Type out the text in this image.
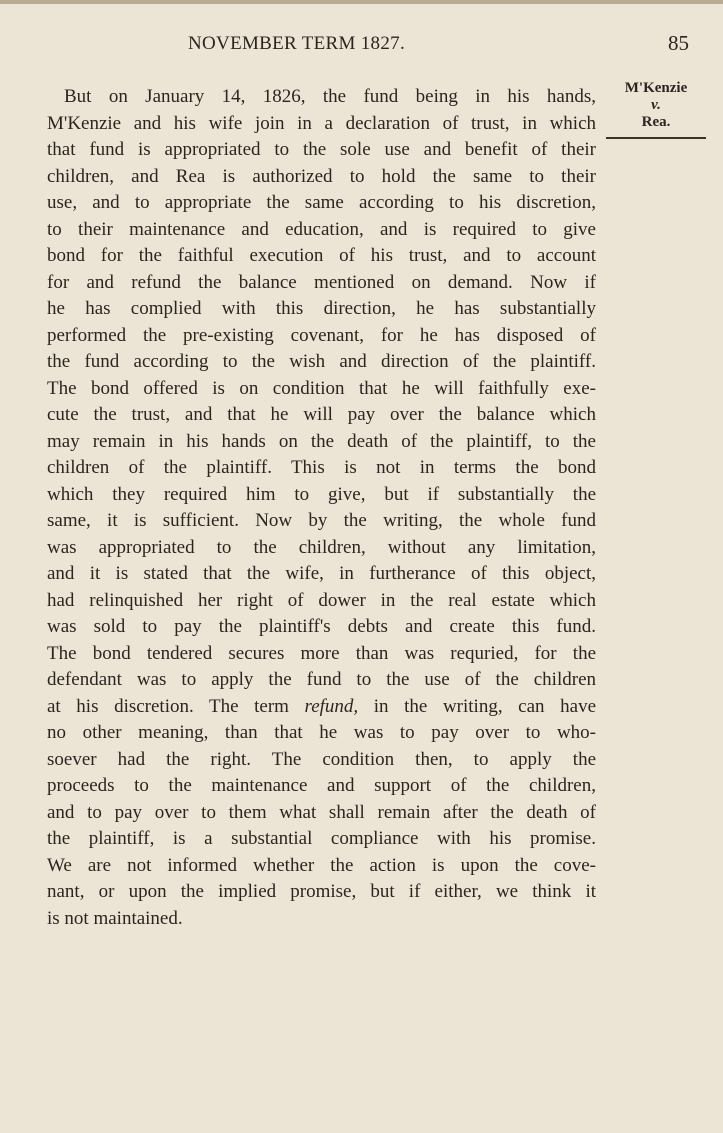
NOVEMBER TERM 1827.	85
But on January 14, 1826, the fund being in his hands,
M'Kenzie and his wife join in a declaration of trust, in which
that fund is appropriated to the sole use and benefit of their
children, and Rea is authorized to hold the same to their
use, and to appropriate the same according to his discretion,
to their maintenance and education, and is required to give
bond for the faithful execution of his trust, and to account
for and refund the balance mentioned on demand. Now if
he has complied with this direction, he has substantially
performed the pre-existing covenant, for he has disposed of
the fund according to the wish and direction of the plaintiff.
The bond offered is on condition that he will faithfully exe-
cute the trust, and that he will pay over the balance which
may remain in his hands on the death of the plaintiff, to the
children of the plaintiff. This is not in terms the bond
which they required him to give, but if substantially the
same, it is sufficient. Now by the writing, the whole fund
was appropriated to the children, without any limitation,
and it is stated that the wife, in furtherance of this object,
had relinquished her right of dower in the real estate which
was sold to pay the plaintiff's debts and create this fund.
The bond tendered secures more than was requried, for the
defendant was to apply the fund to the use of the children
at his discretion. The term refund, in the writing, can have
no other meaning, than that he was to pay over to who-
soever had the right. The condition then, to apply the
proceeds to the maintenance and support of the children,
and to pay over to them what shall remain after the death of
the plaintiff, is a substantial compliance with his promise.
We are not informed whether the action is upon the cove-
nant, or upon the implied promise, but if either, we think it
is not maintained.
M'Kenzie
v.
Rea.
